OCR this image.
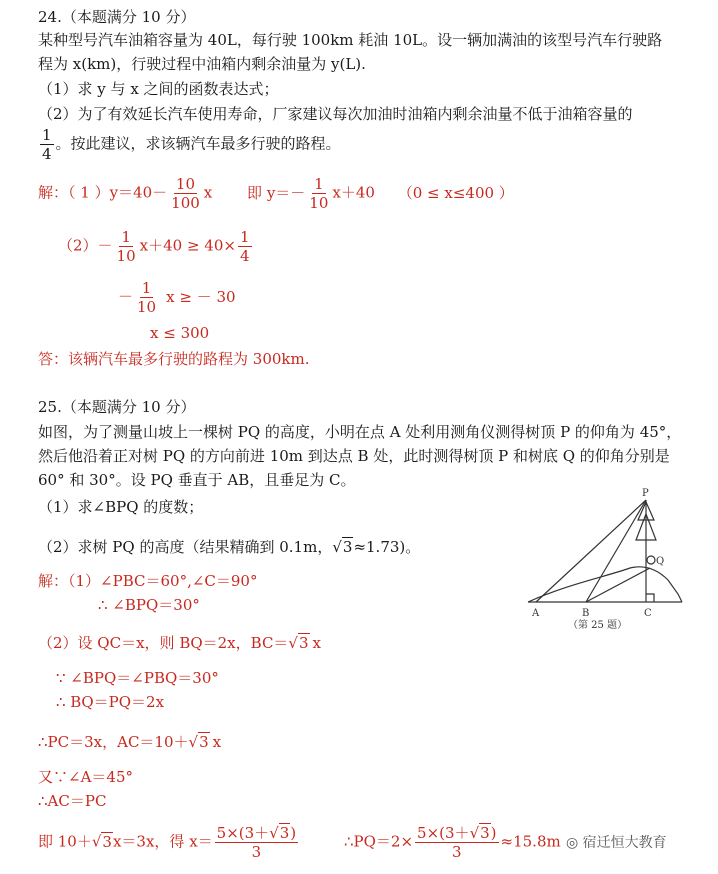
24.（本题满分 10 分）
某种型号汽车油箱容量为 40L，每行驶 100km 耗油 10L。设一辆加满油的该型号汽车行驶路
程为 x(km)，行驶过程中油箱内剩余油量为 y(L).
（1）求 y 与 x 之间的函数表达式；
（2）为了有效延长汽车使用寿命，厂家建议每次加油时油箱内剩余油量不低于油箱容量的
$\frac{1}{4}$ 。按此建议，求该辆汽车最多行驶的路程。
解：（ 1 ）$y=40- \frac{10}{100}$ x 即 $y=- \frac{1}{10} x+40$ （0 ≤ x≤400 ）
$(2)- \frac{1}{10} x+40 \ge 40\times \frac{1}{4}$
－ $\frac{1}{10}$ x ≥ － 30
x ≤ 300
答：该辆汽车最多行驶的路程为 300km.
25.（本题满分 10 分）
如图，为了测量山坡上一棵树 PQ 的高度，小明在点 A 处利用测角仪测得树顶 P 的仰角为 45°，
然后他沿着正对树 PQ 的方向前进 10m 到达点 B 处，此时测得树顶 P 和树底 Q 的仰角分别是
60° 和 30°。设 PQ 垂直于 AB，且垂足为 C。
（1）求∠BPQ 的度数；
（2）求树 PQ 的高度（结果精确到 0.1m，√3≈1.73)。
解：（1）∠PBC＝60°,∠C＝90°
∴ ∠BPQ＝30°
（2）设 QC＝x，则 BQ＝2x，BC＝√3 x
∵ ∠BPQ＝∠PBQ＝30°
∴ BQ＝PQ＝2x
∴PC＝3x，AC＝10＋√3 x
又∵∠A＝45°
∴AC＝PC
即 10＋√3x＝3x，得 $x= \frac{5\times(3+√3)}{3}$	∴PQ＝2× $\frac{5\times(3+√3)}{3} \approx 15.8m$
P
Q
A	B	C
（第 25 题）
◎ 宿迁恒大教育
